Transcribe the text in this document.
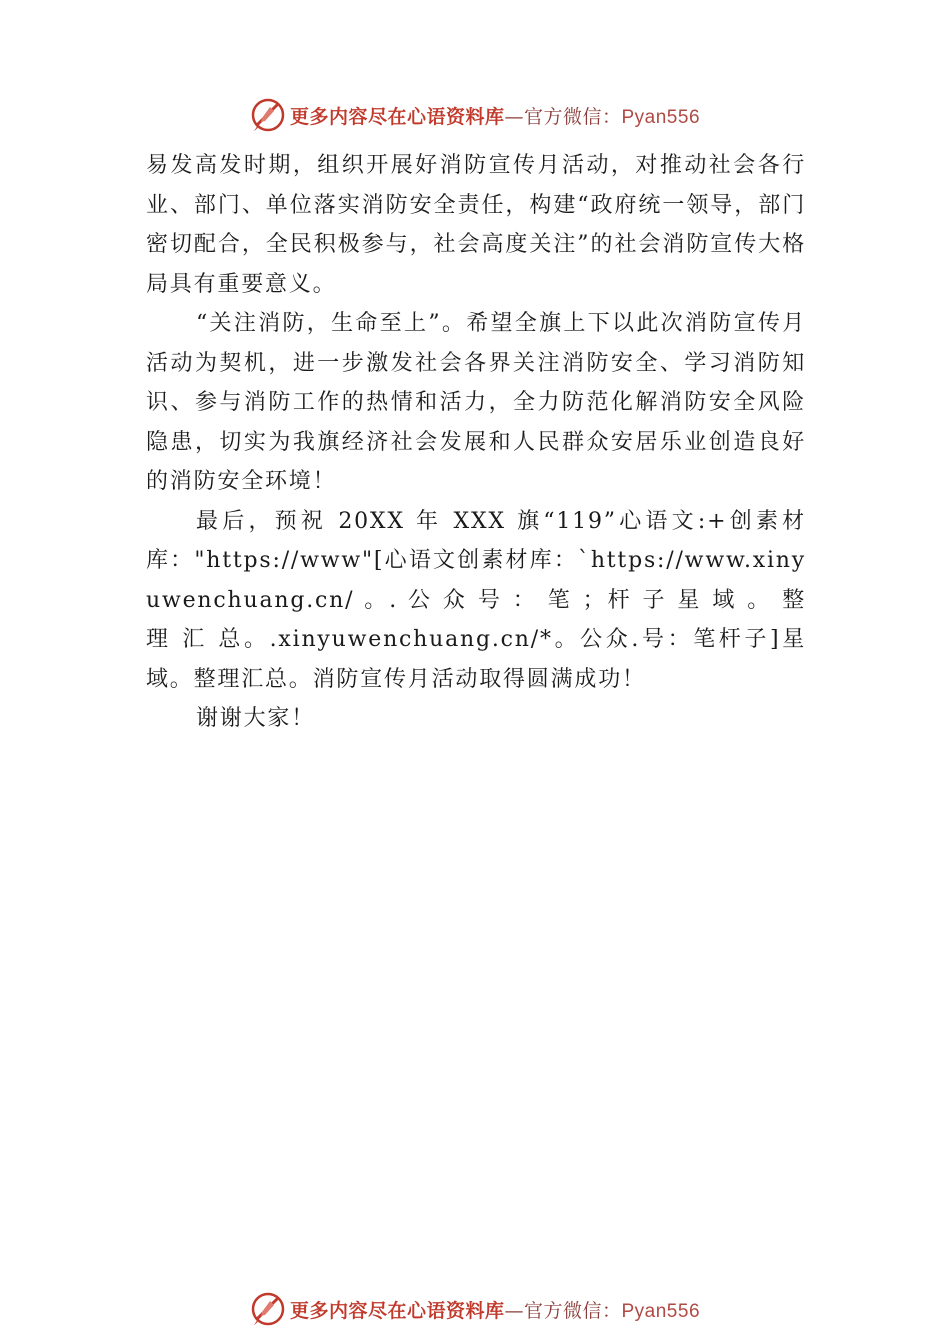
更多内容尽在心语资料库—官方微信：Pyan556

易发高发时期，组织开展好消防宣传月活动，对推动社会各行业、部门、单位落实消防安全责任，构建“政府统一领导，部门密切配合，全民积极参与，社会高度关注”的社会消防宣传大格局具有重要意义。

“关注消防，生命至上”。希望全旗上下以此次消防宣传月活动为契机，进一步激发社会各界关注消防安全、学习消防知识、参与消防工作的热情和活力，全力防范化解消防安全风险隐患，切实为我旗经济社会发展和人民群众安居乐业创造良好的消防安全环境！

最后，预祝 20XX 年 XXX 旗“119”心语文:+创素材库："https://www"[心语文创素材库：`https://www.xinyuwenchuang.cn/ 。. 公 众 号 ： 笔 ；杆 子 星 域 。 整 理 汇 总。.xinyuwenchuang.cn/*。公众.号：笔杆子]星域。整理汇总。消防宣传月活动取得圆满成功！

谢谢大家！

更多内容尽在心语资料库—官方微信：Pyan556
